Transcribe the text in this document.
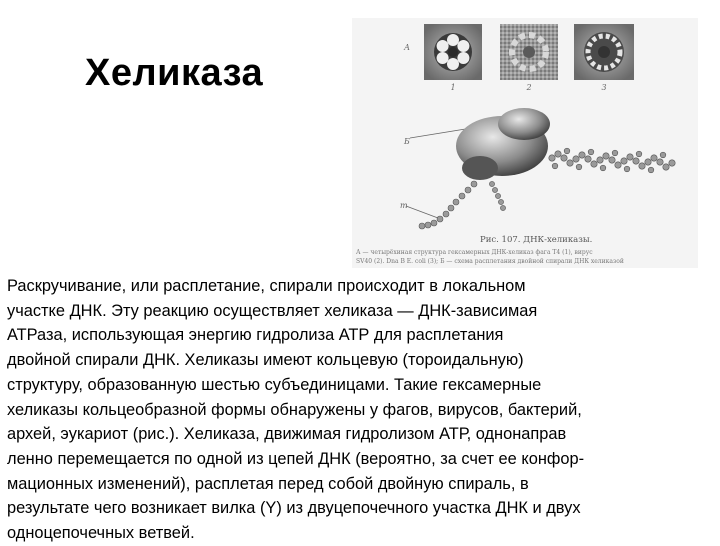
Хеликаза
А
1	2	3
Б
т
Рис. 107. ДНК-хеликазы.
А — четырёхиная структура гексамерных ДНК-хеликаз фага Т4 (1), вирус
SV40 (2). Dna В E. coli (3); Б — схема расплетания двойной спирали ДНК хеликазой

Раскручивание, или расплетание, спирали происходит в локальном
участке ДНК. Эту реакцию осуществляет хеликаза — ДНК-зависимая
АТРаза, использующая энергию гидролиза АТР для расплетания
двойной спирали ДНК. Хеликазы имеют кольцевую (тороидальную)
структуру, образованную шестью субъединицами. Такие гексамерные
хеликазы кольцеобразной формы обнаружены у фагов, вирусов, бактерий,
архей, эукариот (рис.). Хеликаза, движимая гидролизом АТР, однонаправ
ленно перемещается по одной из цепей ДНК (вероятно, за счет ее конфор-
мационных изменений), расплетая перед собой двойную спираль, в
результате чего возникает вилка (Y) из двуцепочечного участка ДНК и двух
одноцепочечных ветвей.
